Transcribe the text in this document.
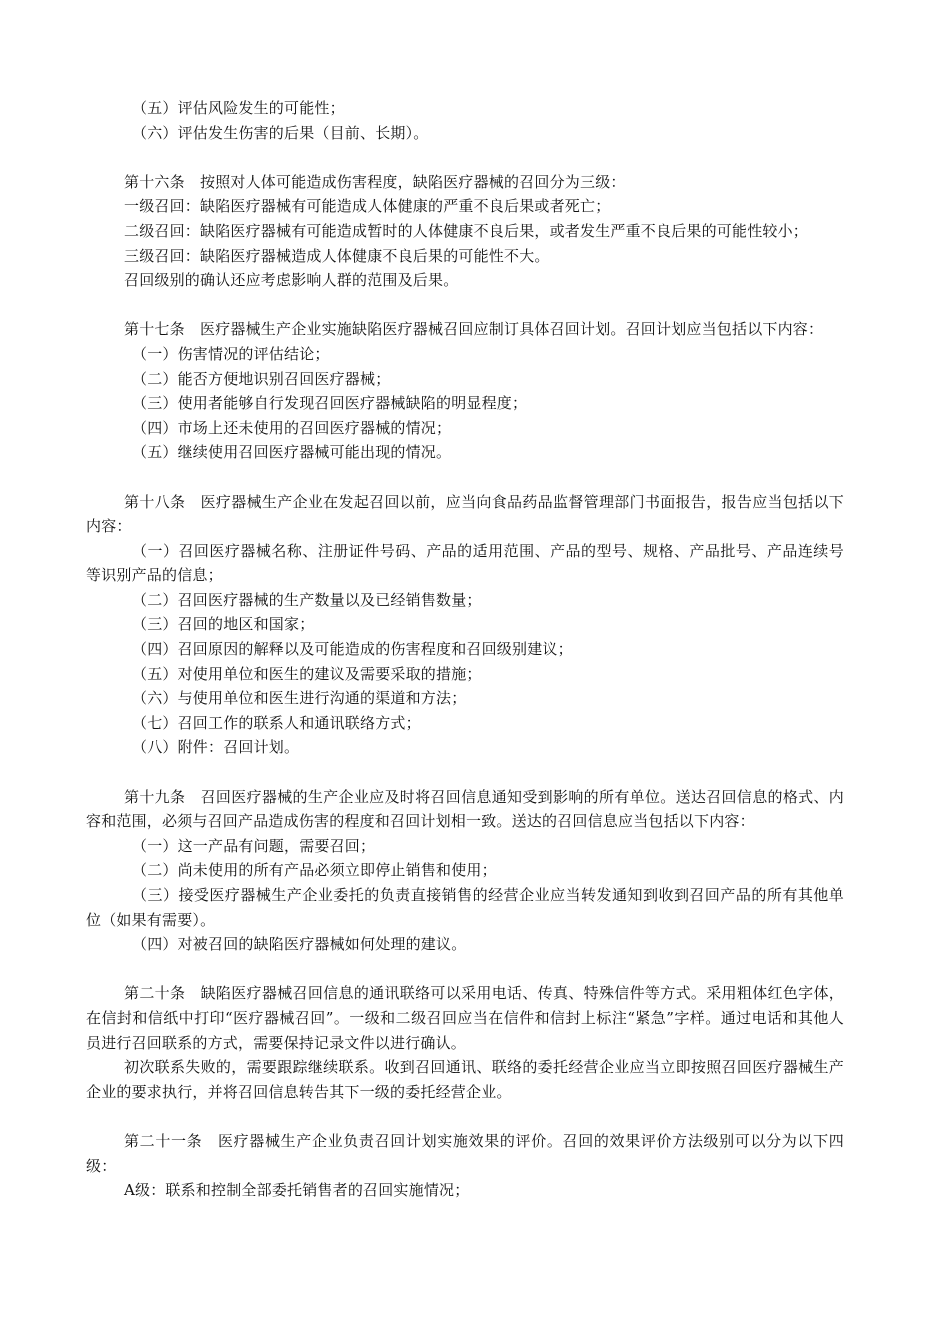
（五）评估风险发生的可能性；
（六）评估发生伤害的后果（目前、长期）。
第十六条　按照对人体可能造成伤害程度，缺陷医疗器械的召回分为三级：
一级召回：缺陷医疗器械有可能造成人体健康的严重不良后果或者死亡；
二级召回：缺陷医疗器械有可能造成暂时的人体健康不良后果，或者发生严重不良后果的可能性较小；
三级召回：缺陷医疗器械造成人体健康不良后果的可能性不大。
召回级别的确认还应考虑影响人群的范围及后果。
第十七条　医疗器械生产企业实施缺陷医疗器械召回应制订具体召回计划。召回计划应当包括以下内容：
（一）伤害情况的评估结论；
（二）能否方便地识别召回医疗器械；
（三）使用者能够自行发现召回医疗器械缺陷的明显程度；
（四）市场上还未使用的召回医疗器械的情况；
（五）继续使用召回医疗器械可能出现的情况。
第十八条　医疗器械生产企业在发起召回以前，应当向食品药品监督管理部门书面报告，报告应当包括以下内容：
（一）召回医疗器械名称、注册证件号码、产品的适用范围、产品的型号、规格、产品批号、产品连续号等识别产品的信息；
（二）召回医疗器械的生产数量以及已经销售数量；
（三）召回的地区和国家；
（四）召回原因的解释以及可能造成的伤害程度和召回级别建议；
（五）对使用单位和医生的建议及需要采取的措施；
（六）与使用单位和医生进行沟通的渠道和方法；
（七）召回工作的联系人和通讯联络方式；
（八）附件：召回计划。
第十九条　召回医疗器械的生产企业应及时将召回信息通知受到影响的所有单位。送达召回信息的格式、内容和范围，必须与召回产品造成伤害的程度和召回计划相一致。送达的召回信息应当包括以下内容：
（一）这一产品有问题，需要召回；
（二）尚未使用的所有产品必须立即停止销售和使用；
（三）接受医疗器械生产企业委托的负责直接销售的经营企业应当转发通知到收到召回产品的所有其他单位（如果有需要）。
（四）对被召回的缺陷医疗器械如何处理的建议。
第二十条　缺陷医疗器械召回信息的通讯联络可以采用电话、传真、特殊信件等方式。采用粗体红色字体，在信封和信纸中打印“医疗器械召回”。一级和二级召回应当在信件和信封上标注“紧急”字样。通过电话和其他人员进行召回联系的方式，需要保持记录文件以进行确认。
初次联系失败的，需要跟踪继续联系。收到召回通讯、联络的委托经营企业应当立即按照召回医疗器械生产企业的要求执行，并将召回信息转告其下一级的委托经营企业。
第二十一条　医疗器械生产企业负责召回计划实施效果的评价。召回的效果评价方法级别可以分为以下四级：
A级：联系和控制全部委托销售者的召回实施情况；
